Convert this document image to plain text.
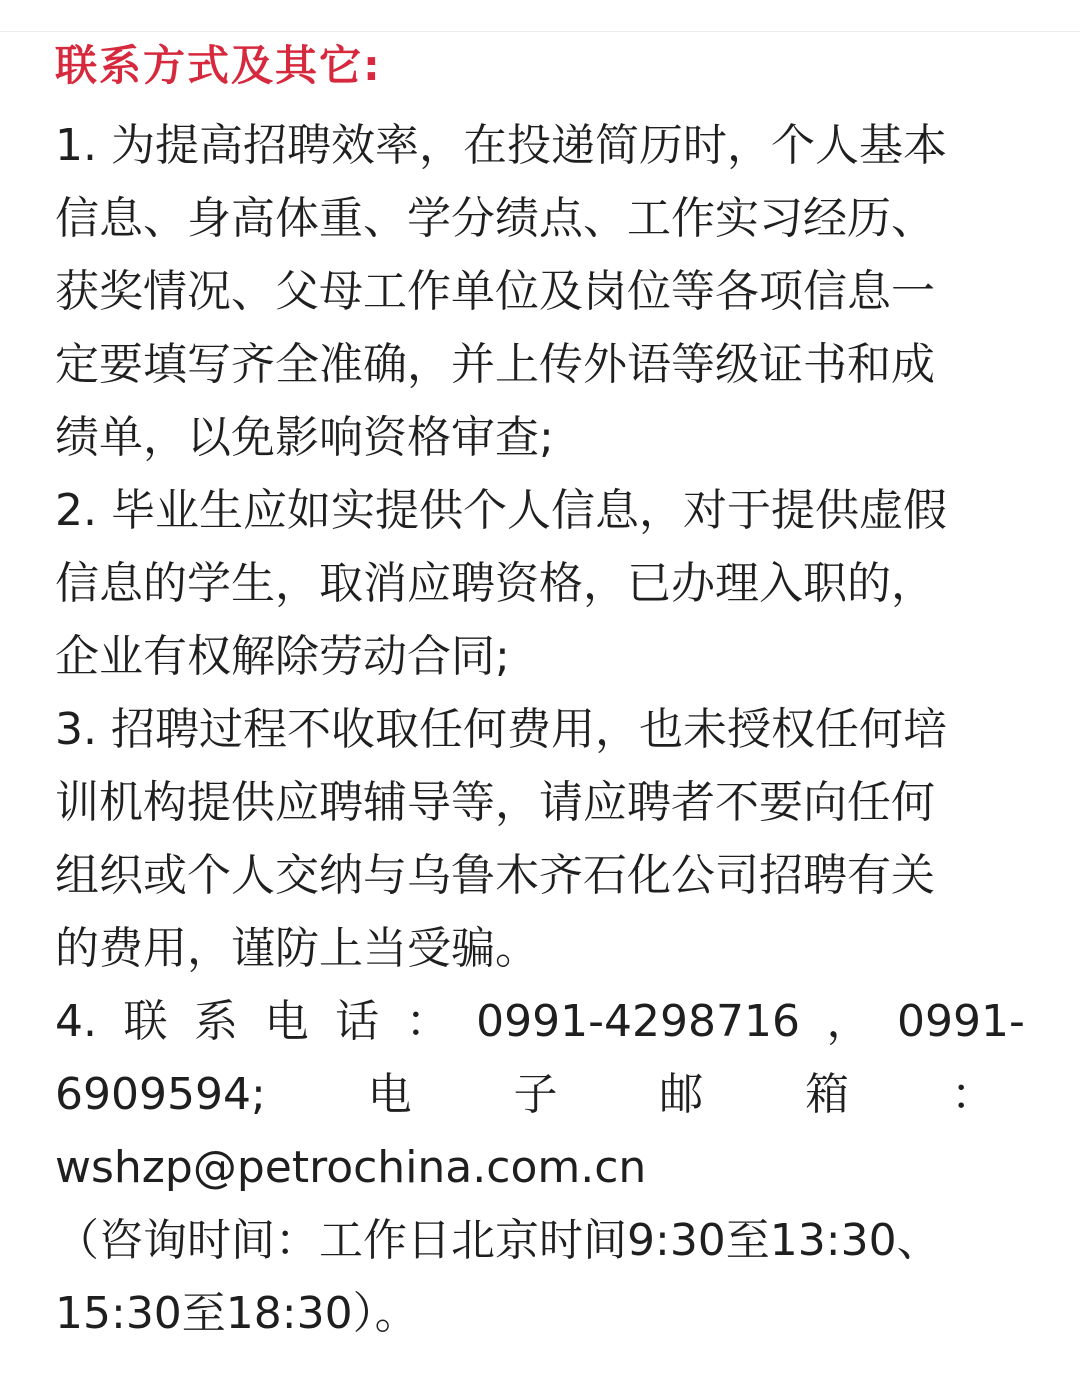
联系方式及其它:
1. 为提高招聘效率，在投递简历时，个人基本
信息、身高体重、学分绩点、工作实习经历、
获奖情况、父母工作单位及岗位等各项信息一
定要填写齐全准确，并上传外语等级证书和成
绩单，以免影响资格审查;
2. 毕业生应如实提供个人信息，对于提供虚假
信息的学生，取消应聘资格，已办理入职的，
企业有权解除劳动合同;
3. 招聘过程不收取任何费用，也未授权任何培
训机构提供应聘辅导等，请应聘者不要向任何
组织或个人交纳与乌鲁木齐石化公司招聘有关
的费用，谨防上当受骗。
4. 联 系 电 话 ： 0991-4298716 ， 0991-
6909594; 电 子 邮 箱 ：
wshzp@petrochina.com.cn
（咨询时间：工作日北京时间9:30至13:30、
15:30至18:30）。
